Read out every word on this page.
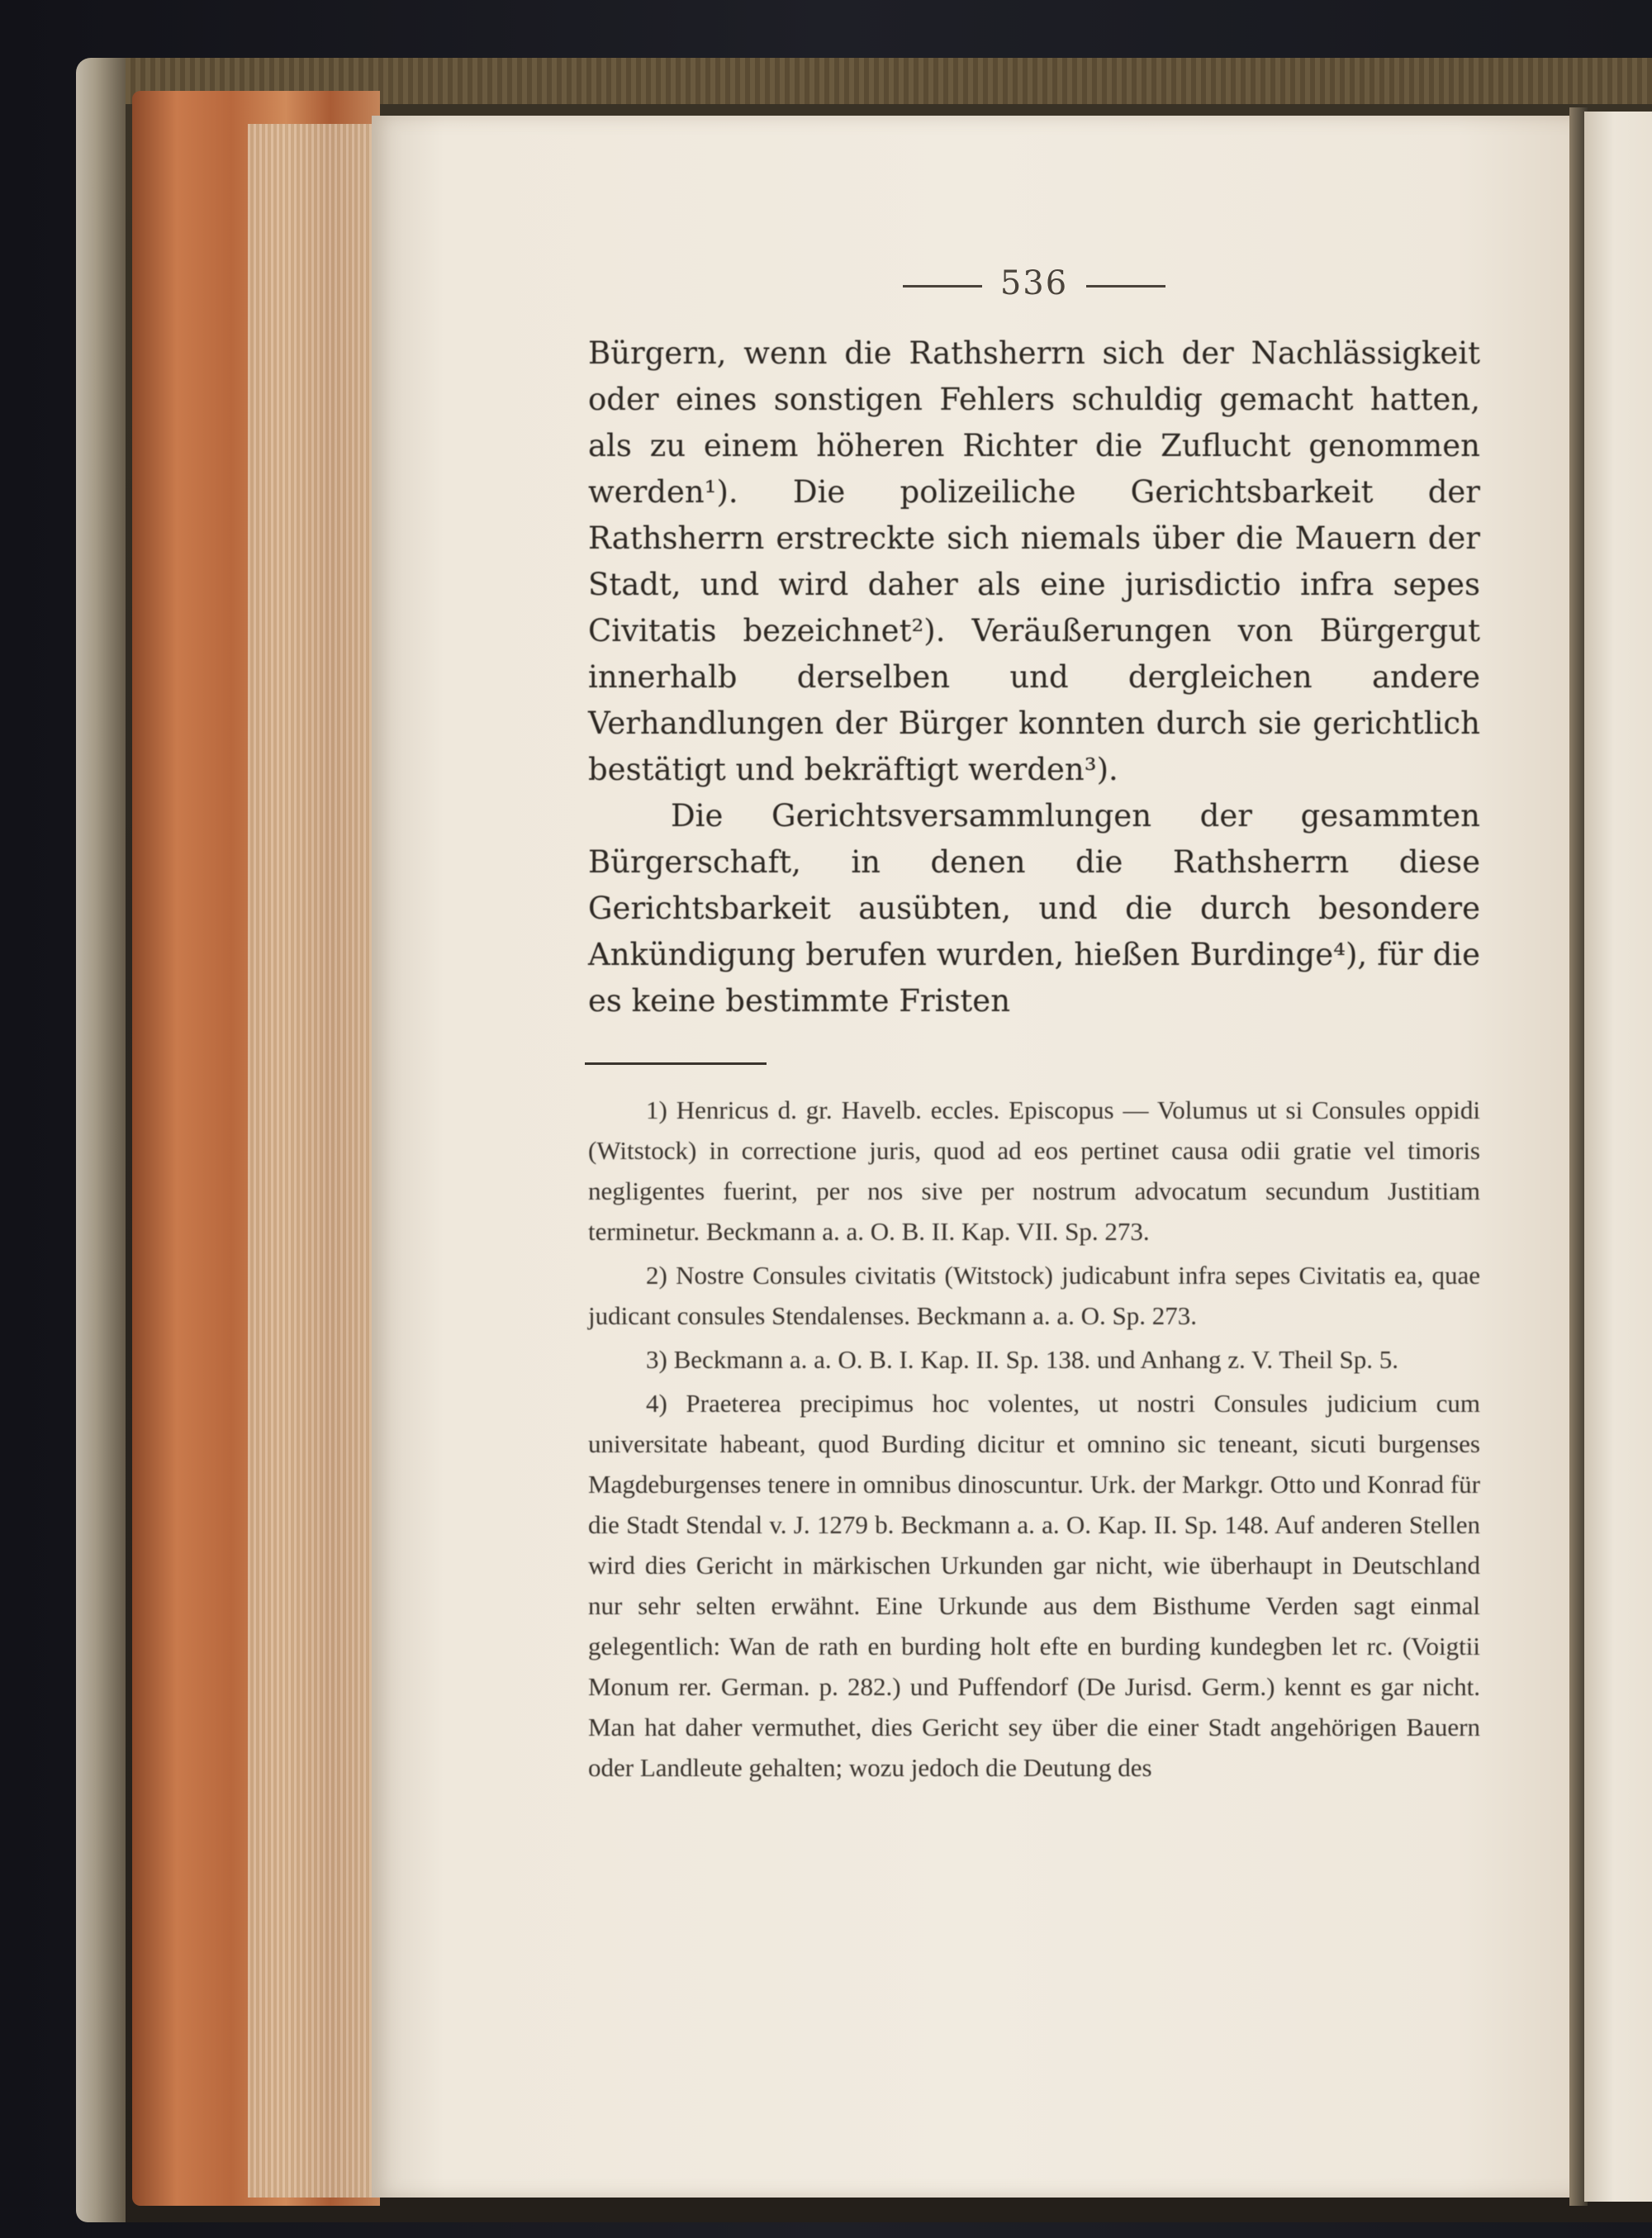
536

Bürgern, wenn die Rathsherrn sich der Nachlässigkeit oder eines sonstigen Fehlers schuldig gemacht hatten, als zu einem höheren Richter die Zuflucht genommen werden¹). Die polizeiliche Gerichtsbarkeit der Rathsherrn erstreckte sich niemals über die Mauern der Stadt, und wird daher als eine jurisdictio infra sepes Civitatis bezeichnet²). Veräußerungen von Bürgergut innerhalb derselben und dergleichen andere Verhandlungen der Bürger konnten durch sie gerichtlich bestätigt und bekräftigt werden³).

Die Gerichtsversammlungen der gesammten Bürgerschaft, in denen die Rathsherrn diese Gerichtsbarkeit ausübten, und die durch besondere Ankündigung berufen wurden, hießen Burdinge⁴), für die es keine bestimmte Fristen

1) Henricus d. gr. Havelb. eccles. Episcopus — Volumus ut si Consules oppidi (Witstock) in correctione juris, quod ad eos pertinet causa odii gratie vel timoris negligentes fuerint, per nos sive per nostrum advocatum secundum Justitiam terminetur. Beckmann a. a. O. B. II. Kap. VII. Sp. 273.

2) Nostre Consules civitatis (Witstock) judicabunt infra sepes Civitatis ea, quae judicant consules Stendalenses. Beckmann a. a. O. Sp. 273.

3) Beckmann a. a. O. B. I. Kap. II. Sp. 138. und Anhang z. V. Theil Sp. 5.

4) Praeterea precipimus hoc volentes, ut nostri Consules judicium cum universitate habeant, quod Burding dicitur et omnino sic teneant, sicuti burgenses Magdeburgenses tenere in omnibus dinoscuntur. Urk. der Markgr. Otto und Konrad für die Stadt Stendal v. J. 1279 b. Beckmann a. a. O. Kap. II. Sp. 148. Auf anderen Stellen wird dies Gericht in märkischen Urkunden gar nicht, wie überhaupt in Deutschland nur sehr selten erwähnt. Eine Urkunde aus dem Bisthume Verden sagt einmal gelegentlich: Wan de rath en burding holt efte en burding kundegben let rc. (Voigtii Monum rer. German. p. 282.) und Puffendorf (De Jurisd. Germ.) kennt es gar nicht. Man hat daher vermuthet, dies Gericht sey über die einer Stadt angehörigen Bauern oder Landleute gehalten; wozu jedoch die Deutung des
